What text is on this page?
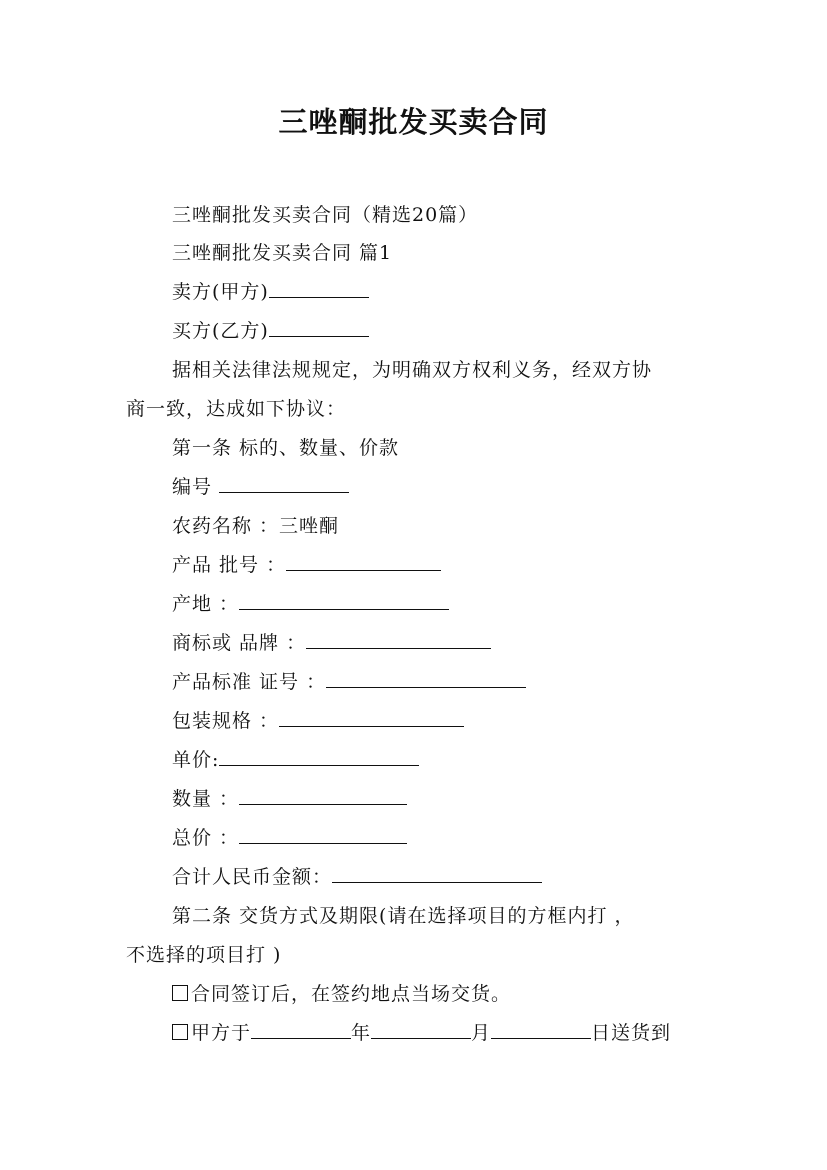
三唑酮批发买卖合同
三唑酮批发买卖合同（精选20篇）
三唑酮批发买卖合同 篇1
卖方(甲方)
买方(乙方)
据相关法律法规规定，为明确双方权利义务，经双方协
商一致，达成如下协议：
第一条 标的、数量、价款
编号
农药名称 ：三唑酮
产品 批号 ：
产地 ：
商标或 品牌 ：
产品标准 证号 ：
包装规格 ：
单价:
数量 ：
总价 ：
合计人民币金额：
第二条 交货方式及期限(请在选择项目的方框内打 ，
不选择的项目打 )
合同签订后，在签约地点当场交货。
甲方于	年	月	日送货到
